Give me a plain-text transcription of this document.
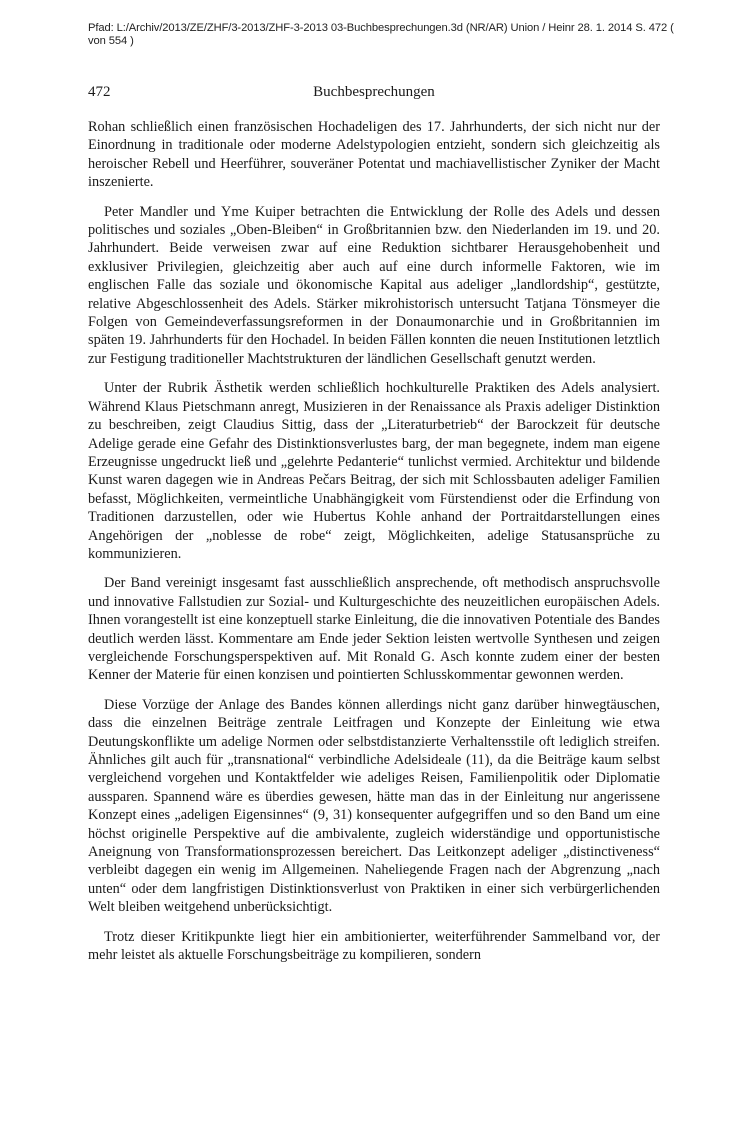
Pfad: L:/Archiv/2013/ZE/ZHF/3-2013/ZHF-3-2013 03-Buchbesprechungen.3d (NR/AR) Union / Heinr 28. 1. 2014 S. 472 ( von 554 )
472	Buchbesprechungen

Rohan schließlich einen französischen Hochadeligen des 17. Jahrhunderts, der sich nicht nur der Einordnung in traditionale oder moderne Adelstypologien entzieht, sondern sich gleichzeitig als heroischer Rebell und Heerführer, souveräner Potentat und machiavellistischer Zyniker der Macht inszenierte.

Peter Mandler und Yme Kuiper betrachten die Entwicklung der Rolle des Adels und dessen politisches und soziales „Oben-Bleiben“ in Großbritannien bzw. den Niederlanden im 19. und 20. Jahrhundert. Beide verweisen zwar auf eine Reduktion sichtbarer Herausgehobenheit und exklusiver Privilegien, gleichzeitig aber auch auf eine durch informelle Faktoren, wie im englischen Falle das soziale und ökonomische Kapital aus adeliger „landlordship“, gestützte, relative Abgeschlossenheit des Adels. Stärker mikrohistorisch untersucht Tatjana Tönsmeyer die Folgen von Gemeindeverfassungsreformen in der Donaumonarchie und in Großbritannien im späten 19. Jahrhunderts für den Hochadel. In beiden Fällen konnten die neuen Institutionen letztlich zur Festigung traditioneller Machtstrukturen der ländlichen Gesellschaft genutzt werden.

Unter der Rubrik Ästhetik werden schließlich hochkulturelle Praktiken des Adels analysiert. Während Klaus Pietschmann anregt, Musizieren in der Renaissance als Praxis adeliger Distinktion zu beschreiben, zeigt Claudius Sittig, dass der „Literaturbetrieb“ der Barockzeit für deutsche Adelige gerade eine Gefahr des Distinktionsverlustes barg, der man begegnete, indem man eigene Erzeugnisse ungedruckt ließ und „gelehrte Pedanterie“ tunlichst vermied. Architektur und bildende Kunst waren dagegen wie in Andreas Pečars Beitrag, der sich mit Schlossbauten adeliger Familien befasst, Möglichkeiten, vermeintliche Unabhängigkeit vom Fürstendienst oder die Erfindung von Traditionen darzustellen, oder wie Hubertus Kohle anhand der Portraitdarstellungen eines Angehörigen der „noblesse de robe“ zeigt, Möglichkeiten, adelige Statusansprüche zu kommunizieren.

Der Band vereinigt insgesamt fast ausschließlich ansprechende, oft methodisch anspruchsvolle und innovative Fallstudien zur Sozial- und Kulturgeschichte des neuzeitlichen europäischen Adels. Ihnen vorangestellt ist eine konzeptuell starke Einleitung, die die innovativen Potentiale des Bandes deutlich werden lässt. Kommentare am Ende jeder Sektion leisten wertvolle Synthesen und zeigen vergleichende Forschungsperspektiven auf. Mit Ronald G. Asch konnte zudem einer der besten Kenner der Materie für einen konzisen und pointierten Schlusskommentar gewonnen werden.

Diese Vorzüge der Anlage des Bandes können allerdings nicht ganz darüber hinwegtäuschen, dass die einzelnen Beiträge zentrale Leitfragen und Konzepte der Einleitung wie etwa Deutungskonflikte um adelige Normen oder selbstdistanzierte Verhaltensstile oft lediglich streifen. Ähnliches gilt auch für „transnational“ verbindliche Adelsideale (11), da die Beiträge kaum selbst vergleichend vorgehen und Kontaktfelder wie adeliges Reisen, Familienpolitik oder Diplomatie aussparen. Spannend wäre es überdies gewesen, hätte man das in der Einleitung nur angerissene Konzept eines „adeligen Eigensinnes“ (9, 31) konsequenter aufgegriffen und so den Band um eine höchst originelle Perspektive auf die ambivalente, zugleich widerständige und opportunistische Aneignung von Transformationsprozessen bereichert. Das Leitkonzept adeliger „distinctiveness“ verbleibt dagegen ein wenig im Allgemeinen. Naheliegende Fragen nach der Abgrenzung „nach unten“ oder dem langfristigen Distinktionsverlust von Praktiken in einer sich verbürgerlichenden Welt bleiben weitgehend unberücksichtigt.

Trotz dieser Kritikpunkte liegt hier ein ambitionierter, weiterführender Sammelband vor, der mehr leistet als aktuelle Forschungsbeiträge zu kompilieren, sondern
